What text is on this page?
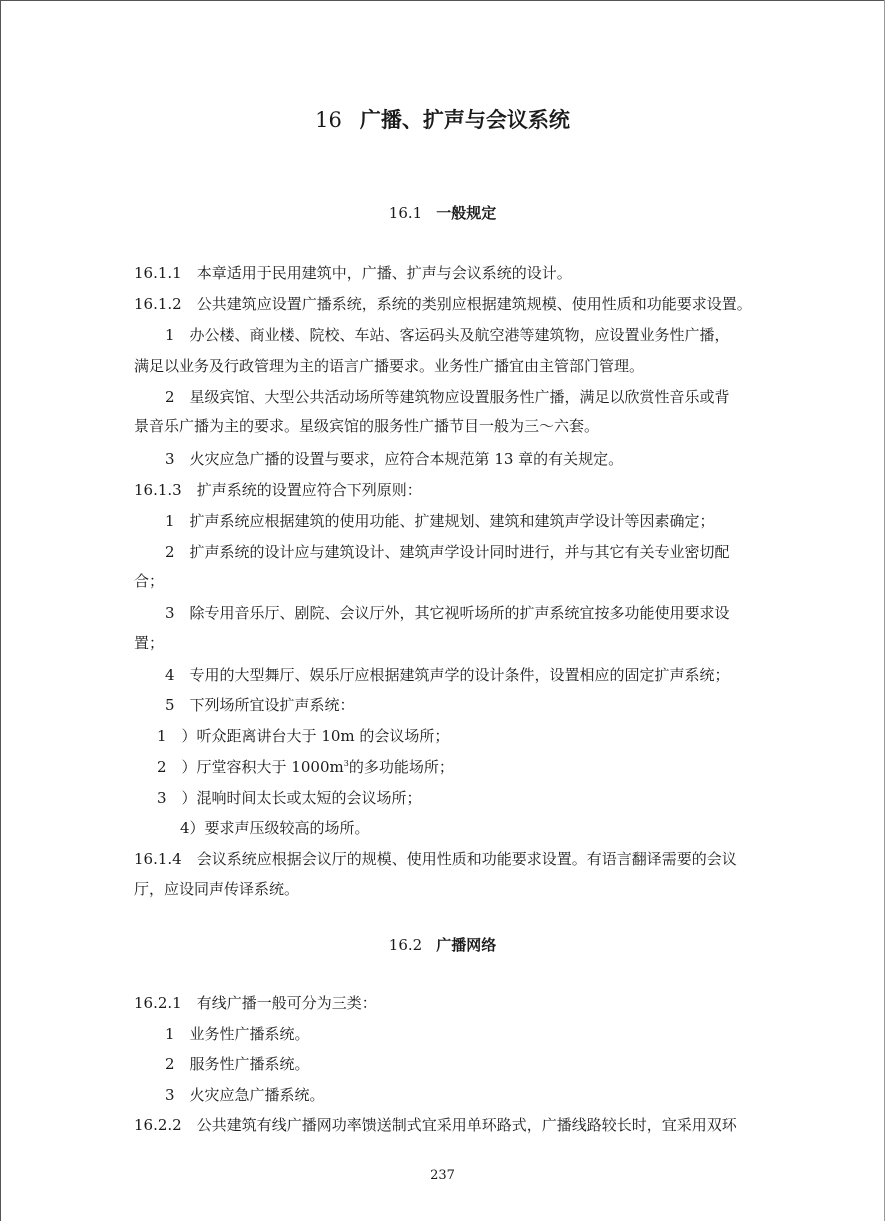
16 广播、扩声与会议系统
16.1 一般规定
16.1.1　本章适用于民用建筑中，广播、扩声与会议系统的设计。
16.1.2　公共建筑应设置广播系统，系统的类别应根据建筑规模、使用性质和功能要求设置。
1　办公楼、商业楼、院校、车站、客运码头及航空港等建筑物，应设置业务性广播，
满足以业务及行政管理为主的语言广播要求。业务性广播宜由主管部门管理。
2　星级宾馆、大型公共活动场所等建筑物应设置服务性广播，满足以欣赏性音乐或背
景音乐广播为主的要求。星级宾馆的服务性广播节目一般为三～六套。
3　火灾应急广播的设置与要求，应符合本规范第 13 章的有关规定。
16.1.3　扩声系统的设置应符合下列原则：
1　扩声系统应根据建筑的使用功能、扩建规划、建筑和建筑声学设计等因素确定；
2　扩声系统的设计应与建筑设计、建筑声学设计同时进行，并与其它有关专业密切配
合；
3　除专用音乐厅、剧院、会议厅外，其它视听场所的扩声系统宜按多功能使用要求设
置；
4　专用的大型舞厅、娱乐厅应根据建筑声学的设计条件，设置相应的固定扩声系统；
5　下列场所宜设扩声系统：
1　）听众距离讲台大于 10m 的会议场所；
2　）厅堂容积大于 $1000m^3$的多功能场所；
3　）混响时间太长或太短的会议场所；
4）要求声压级较高的场所。
16.1.4　会议系统应根据会议厅的规模、使用性质和功能要求设置。有语言翻译需要的会议
厅，应设同声传译系统。
16.2 广播网络
16.2.1　有线广播一般可分为三类：
1　业务性广播系统。
2　服务性广播系统。
3　火灾应急广播系统。
16.2.2　公共建筑有线广播网功率馈送制式宜采用单环路式，广播线路较长时，宜采用双环
237
